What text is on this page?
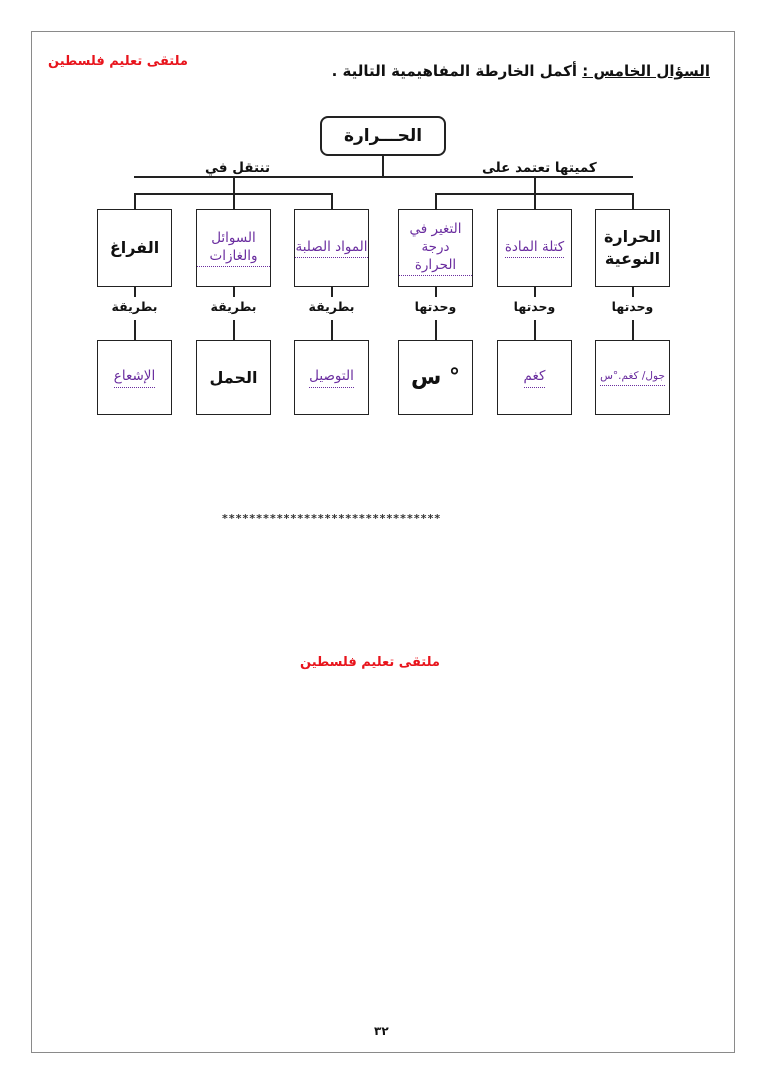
ملتقى تعليم فلسطين
السؤال الخامس : أكمل الخارطة المفاهيمية التالية .
الحـــرارة
تنتقل في	كميتها تعتمد على
الحرارة النوعية
كتلة المادة
التغير في درجة الحرارة
المواد الصلبة
السوائل والغازات
الفراغ
وحدتها
وحدتها
وحدتها
بطريقة
بطريقة
بطريقة
جول/ كغم.°س
كغم
° س
التوصيل
الحمل
الإشعاع
********************************
ملتقى تعليم فلسطين
٣٢
